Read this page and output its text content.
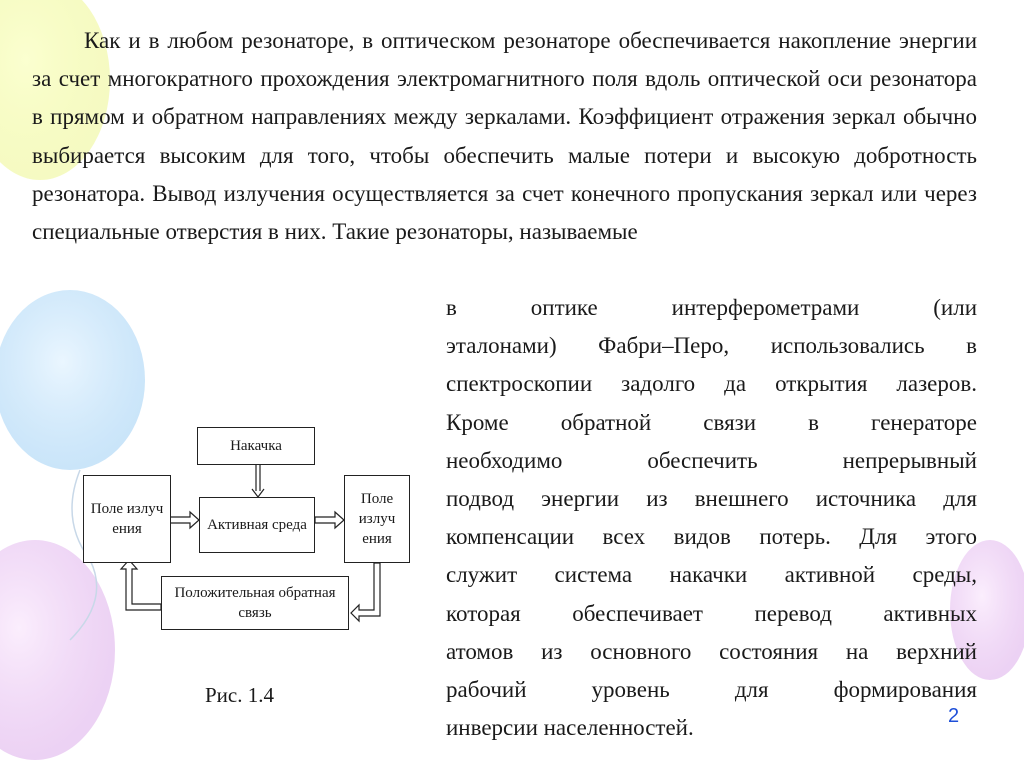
Как и в любом резонаторе, в оптическом резонаторе обеспечивается накопление энергии за счет многократного прохождения электромагнитного поля вдоль оптической оси резонатора в прямом и обратном направлениях между зеркалами. Коэффициент отражения зеркал обычно выбирается высоким для того, чтобы обеспечить малые потери и высокую добротность резонатора. Вывод излучения осуществляется за счет конечного пропускания зеркал или через специальные отверстия в них. Такие резонаторы, называемые

в оптике интерферометрами (или
эталонами) Фабри–Перо, использовались в
спектроскопии задолго да открытия лазеров.
Кроме обратной связи в генераторе
необходимо обеспечить непрерывный
подвод энергии из внешнего источника для
компенсации всех видов потерь. Для этого
служит система накачки активной среды,
которая обеспечивает перевод активных
атомов из основного состояния на верхний
рабочий уровень для формирования
инверсии населенностей.
Накачка
Поле излуч ения	Активная среда
Поле излуч ения
Положительная обратная связь
Рис. 1.4
2
